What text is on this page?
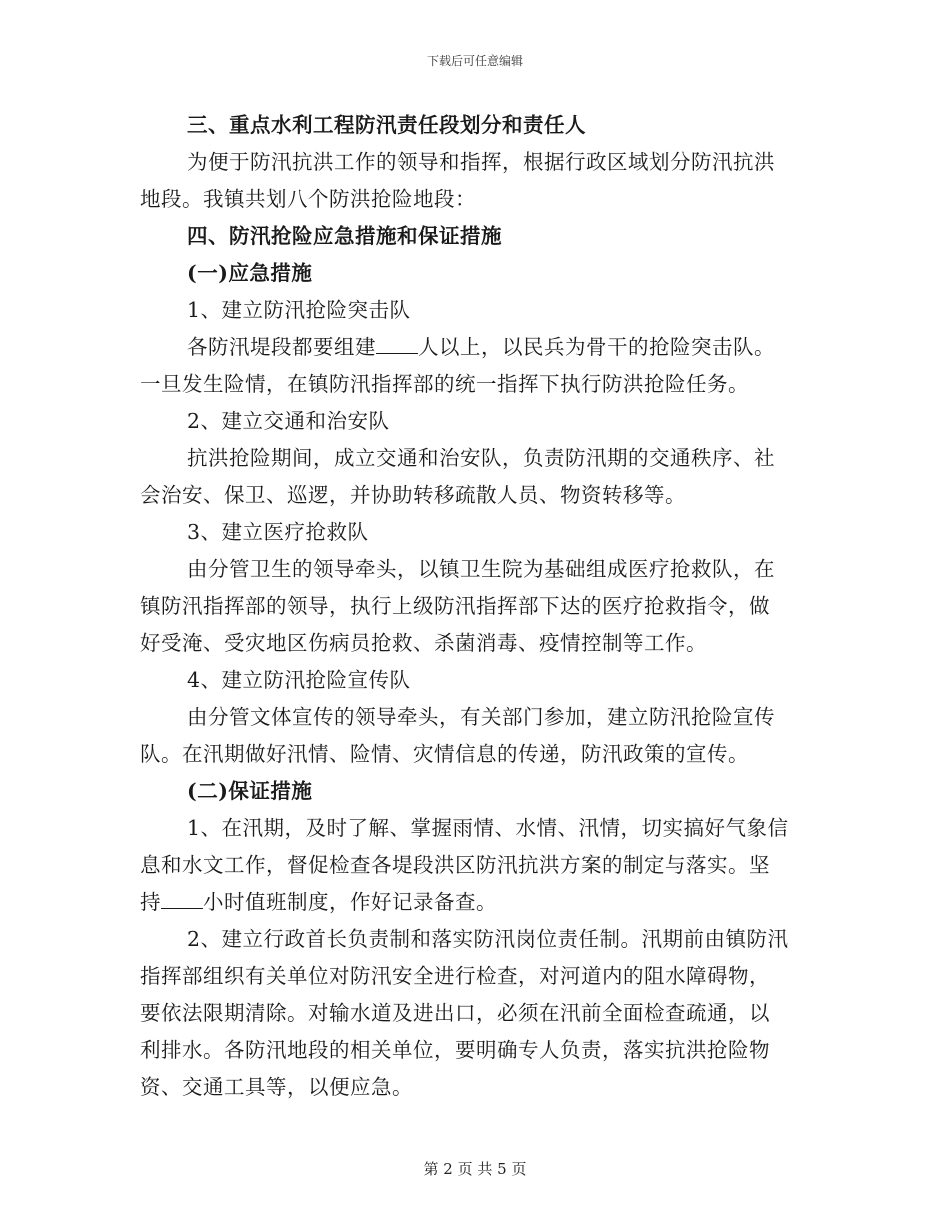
下载后可任意编辑
三、重点水利工程防汛责任段划分和责任人
为便于防汛抗洪工作的领导和指挥，根据行政区域划分防汛抗洪
地段。我镇共划八个防洪抢险地段：
四、防汛抢险应急措施和保证措施
(一)应急措施
1、建立防汛抢险突击队
各防汛堤段都要组建 人以上，以民兵为骨干的抢险突击队。
一旦发生险情，在镇防汛指挥部的统一指挥下执行防洪抢险任务。
2、建立交通和治安队
抗洪抢险期间，成立交通和治安队，负责防汛期的交通秩序、社
会治安、保卫、巡逻，并协助转移疏散人员、物资转移等。
3、建立医疗抢救队
由分管卫生的领导牵头，以镇卫生院为基础组成医疗抢救队，在
镇防汛指挥部的领导，执行上级防汛指挥部下达的医疗抢救指令，做
好受淹、受灾地区伤病员抢救、杀菌消毒、疫情控制等工作。
4、建立防汛抢险宣传队
由分管文体宣传的领导牵头，有关部门参加，建立防汛抢险宣传
队。在汛期做好汛情、险情、灾情信息的传递，防汛政策的宣传。
(二)保证措施
1、在汛期，及时了解、掌握雨情、水情、汛情，切实搞好气象信
息和水文工作，督促检查各堤段洪区防汛抗洪方案的制定与落实。坚
持 小时值班制度，作好记录备查。
2、建立行政首长负责制和落实防汛岗位责任制。汛期前由镇防汛
指挥部组织有关单位对防汛安全进行检查，对河道内的阻水障碍物，
要依法限期清除。对输水道及进出口，必须在汛前全面检查疏通，以
利排水。各防汛地段的相关单位，要明确专人负责，落实抗洪抢险物
资、交通工具等，以便应急。
第 2 页 共 5 页
